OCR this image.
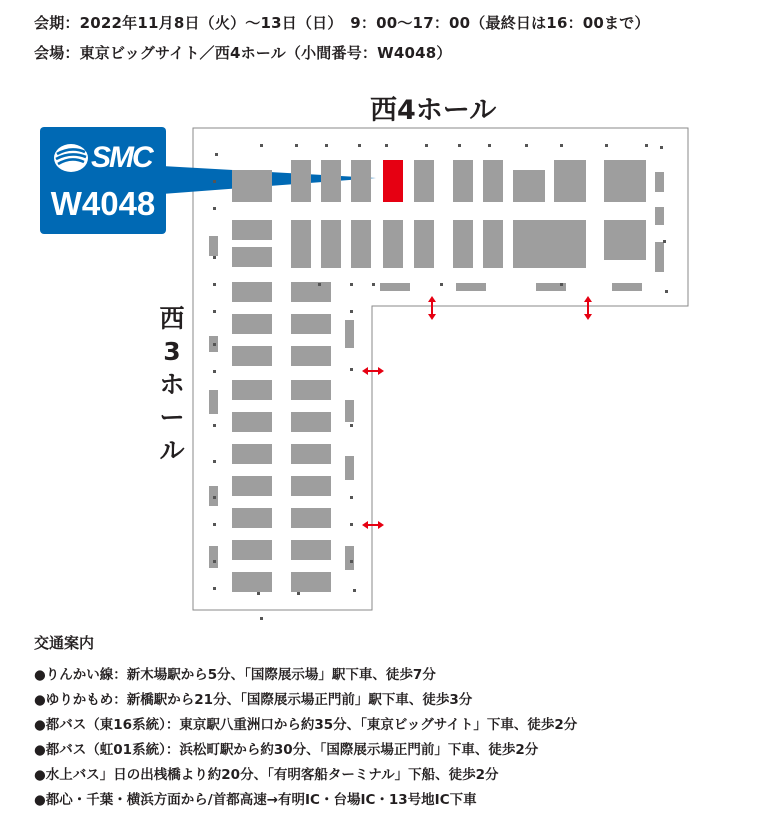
会期：2022年11月8日（火）～13日（日）　9：00～17：00（最終日は16：00まで）
会場：東京ビッグサイト／西4ホール（小間番号：W4048）
西4ホール
西
3
ホ
ー
ル
SMC
W4048
交通案内
●りんかい線：新木場駅から5分、「国際展示場」駅下車、徒歩7分
●ゆりかもめ：新橋駅から21分、「国際展示場正門前」駅下車、徒歩3分
●都バス（東16系統）：東京駅八重洲口から約35分、「東京ビッグサイト」下車、徒歩2分
●都バス（虹01系統）：浜松町駅から約30分、「国際展示場正門前」下車、徒歩2分
●水上バス」日の出桟橋より約20分、「有明客船ターミナル」下船、徒歩2分
●都心・千葉・横浜方面から/首都高速→有明IC・台場IC・13号地IC下車
